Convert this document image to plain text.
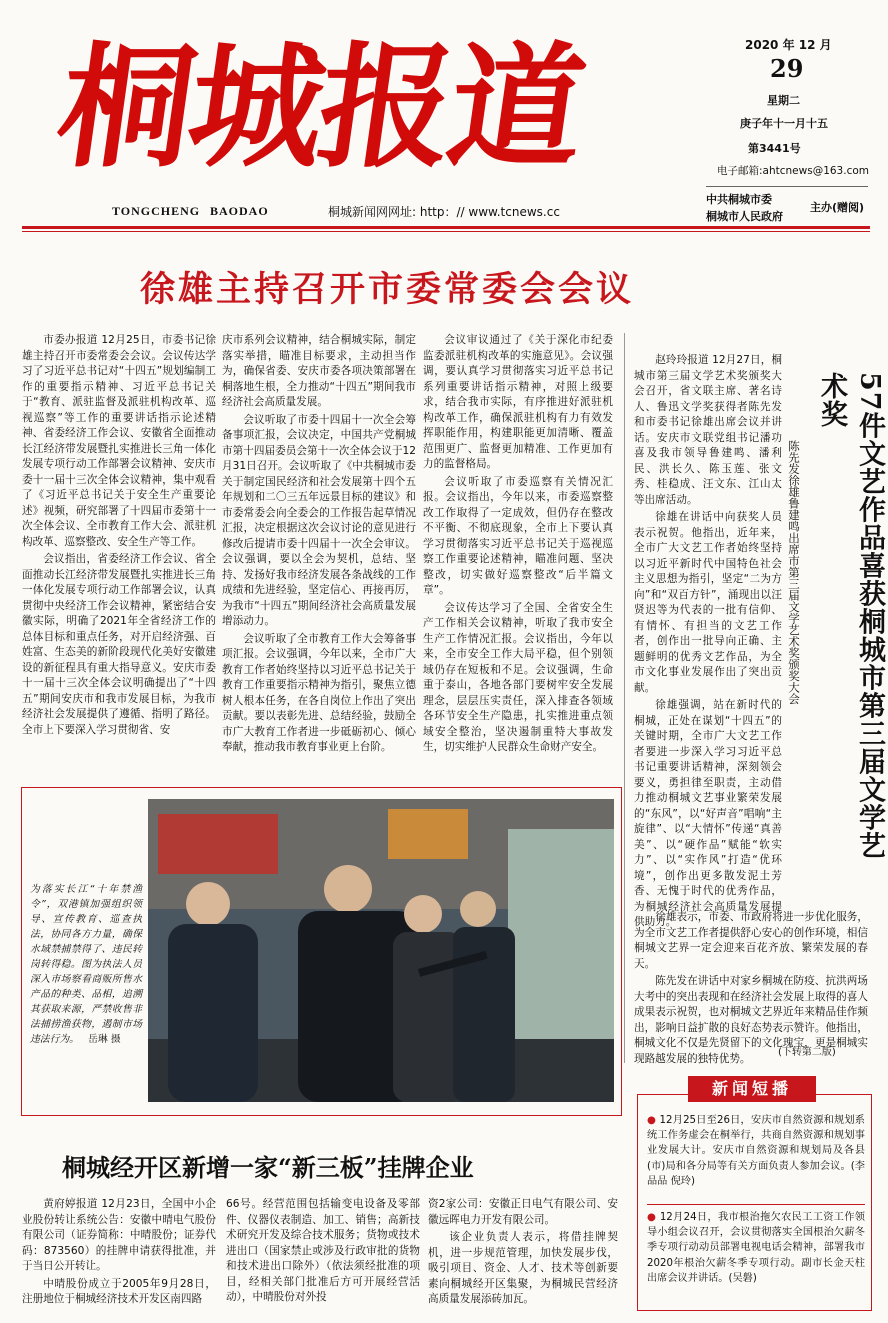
桐城报道
TONGCHENG BAODAO	桐城新闻网网址: http：// www.tcnews.cc
2020 年 12 月
29
星期二
庚子年十一月十五
第3441号
电子邮箱:ahtcnews@163.com
中共桐城市委
桐城市人民政府
主办(赠阅)
徐雄主持召开市委常委会会议

市委办报道 12月25日，市委书记徐雄主持召开市委常委会会议。会议传达学习了习近平总书记对“十四五”规划编制工作的重要指示精神、习近平总书记关于“教育、派驻监督及派驻机构改革、巡视巡察”等工作的重要讲话指示论述精神、省委经济工作会议、安徽省全面推动长江经济带发展暨扎实推进长三角一体化发展专项行动工作部署会议精神、安庆市委十一届十三次全体会议精神，集中观看了《习近平总书记关于安全生产重要论述》视频，研究部署了十四届市委第十一次全体会议、全市教育工作大会、派驻机构改革、巡察整改、安全生产等工作。

会议指出，省委经济工作会议、省全面推动长江经济带发展暨扎实推进长三角一体化发展专项行动工作部署会议，认真贯彻中央经济工作会议精神，紧密结合安徽实际，明确了2021年全省经济工作的总体目标和重点任务，对开启经济强、百姓富、生态美的新阶段现代化美好安徽建设的新征程具有重大指导意义。安庆市委十一届十三次全体会议明确提出了“十四五”期间安庆市和我市发展目标，为我市经济社会发展提供了遵循、指明了路径。全市上下要深入学习贯彻省、安

庆市系列会议精神，结合桐城实际，制定落实举措，瞄准目标要求，主动担当作为，确保省委、安庆市委各项决策部署在桐落地生根，全力推动“十四五”期间我市经济社会高质量发展。

会议听取了市委十四届十一次全会筹备事项汇报，会议决定，中国共产党桐城市第十四届委员会第十一次全体会议于12月31日召开。会议听取了《中共桐城市委关于制定国民经济和社会发展第十四个五年规划和二〇三五年远景目标的建议》和市委常委会向全委会的工作报告起草情况汇报，决定根据这次会议讨论的意见进行修改后提请市委十四届十一次全会审议。会议强调，要以全会为契机，总结、坚持、发扬好我市经济发展各条战线的工作成绩和先进经验，坚定信心、再接再厉，为我市“十四五”期间经济社会高质量发展增添动力。

会议听取了全市教育工作大会筹备事项汇报。会议强调，今年以来，全市广大教育工作者始终坚持以习近平总书记关于教育工作重要指示精神为指引，聚焦立德树人根本任务，在各自岗位上作出了突出贡献。要以表彰先进、总结经验，鼓励全市广大教育工作者进一步砥砺初心、倾心奉献，推动我市教育事业更上台阶。

会议审议通过了《关于深化市纪委监委派驻机构改革的实施意见》。会议强调，要认真学习贯彻落实习近平总书记系列重要讲话指示精神，对照上级要求，结合我市实际，有序推进好派驻机构改革工作，确保派驻机构有力有效发挥职能作用，构建职能更加清晰、覆盖范围更广、监督更加精准、工作更加有力的监督格局。

会议听取了市委巡察有关情况汇报。会议指出，今年以来，市委巡察整改工作取得了一定成效，但仍存在整改不平衡、不彻底现象，全市上下要认真学习贯彻落实习近平总书记关于巡视巡察工作重要论述精神，瞄准问题、坚决整改，切实做好巡察整改“后半篇文章”。

会议传达学习了全国、全省安全生产工作相关会议精神，听取了我市安全生产工作情况汇报。会议指出，今年以来，全市安全工作大局平稳，但个别领域仍存在短板和不足。会议强调，生命重于泰山，各地各部门要树牢安全发展理念，层层压实责任，深入排查各领域各环节安全生产隐患，扎实推进重点领域安全整治，坚决遏制重特大事故发生，切实维护人民群众生命财产安全。	57件文艺作品喜获桐城市第三届文学艺术奖
陈先发徐雄鲁建鸣出席市第三届文学艺术奖颁奖大会

赵玲玲报道 12月27日，桐城市第三届文学艺术奖颁奖大会召开，省文联主席、著名诗人、鲁迅文学奖获得者陈先发和市委书记徐雄出席会议并讲话。安庆市文联党组书记潘功喜及我市领导鲁建鸣、潘利民、洪长久、陈玉莲、张文秀、桂稳成、汪文东、江山太等出席活动。

徐雄在讲话中向获奖人员表示祝贺。他指出，近年来，全市广大文艺工作者始终坚持以习近平新时代中国特色社会主义思想为指引，坚定“二为方向”和“双百方针”，涌现出以汪贤迟等为代表的一批有信仰、有情怀、有担当的文艺工作者，创作出一批导向正确、主题鲜明的优秀文艺作品，为全市文化事业发展作出了突出贡献。

徐雄强调，站在新时代的桐城，正处在谋划“十四五”的关键时期，全市广大文艺工作者要进一步深入学习习近平总书记重要讲话精神，深刻领会要义，勇担律至职责，主动借力推动桐城文艺事业繁荣发展的“东风”，以“好声音”唱响“主旋律”、以“大情怀”传递“真善美”、以“硬作品”赋能“软实力”、以“实作风”打造“优环境”，创作出更多散发泥土芳香、无愧于时代的优秀作品，为桐城经济社会高质量发展提供助力。

徐雄表示，市委、市政府将进一步优化服务，为全市文艺工作者提供舒心安心的创作环境，相信桐城文艺界一定会迎来百花齐放、繁荣发展的春天。

陈先发在讲话中对家乡桐城在防疫、抗洪两场大考中的突出表现和在经济社会发展上取得的喜人成果表示祝贺，也对桐城文艺界近年来精品佳作频出，影响日益扩散的良好态势表示赞许。他指出，桐城文化不仅是先贤留下的文化瑰宝，更是桐城实现路越发展的独特优势。	(下转第二版)
为落实长江“十年禁渔令”，双港镇加强组织领导、宣传教育、巡查执法，协同各方力量，确保水域禁捕禁得了、违民转岗转得稳。图为执法人员深入市场察看商贩所售水产品的种类、品相，追溯其获取来源，严禁收售非法捕捞渔获物，遏制市场违法行为。 岳琳 摄
桐城经开区新增一家“新三板”挂牌企业

黄府婷报道 12月23日，全国中小企业股份转让系统公告：安徽中晴电气股份有限公司（证券简称：中晴股份；证券代码：873560）的挂牌申请获得批准，并于当日公开转让。

中晴股份成立于2005年9月28日，注册地位于桐城经济技术开发区南四路

66号。经营范围包括输变电设备及零部件、仪器仪表制造、加工、销售；高新技术研究开发及综合技术服务；货物或技术进出口（国家禁止或涉及行政审批的货物和技术进出口除外）（依法须经批准的项目，经相关部门批准后方可开展经营活动），中晴股份对外投

资2家公司：安徽正日电气有限公司、安徽远晖电力开发有限公司。

该企业负责人表示，将借挂牌契机，进一步规范管理，加快发展步伐，吸引项目、资金、人才、技术等创新要素向桐城经开区集聚，为桐城民营经济高质量发展添砖加瓦。

新闻短播
● 12月25日至26日，安庆市自然资源和规划系统工作务虚会在桐举行，共商自然资源和规划事业发展大计。安庆市自然资源和规划局及各县(市)局和各分局等有关方面负责人参加会议。(李品品 倪玲)
● 12月24日，我市根治拖欠农民工工资工作领导小组会议召开，会议贯彻落实全国根治欠薪冬季专项行动动员部署电视电话会精神，部署我市2020年根治欠薪冬季专项行动。副市长金天柱出席会议并讲话。(吴磐)
